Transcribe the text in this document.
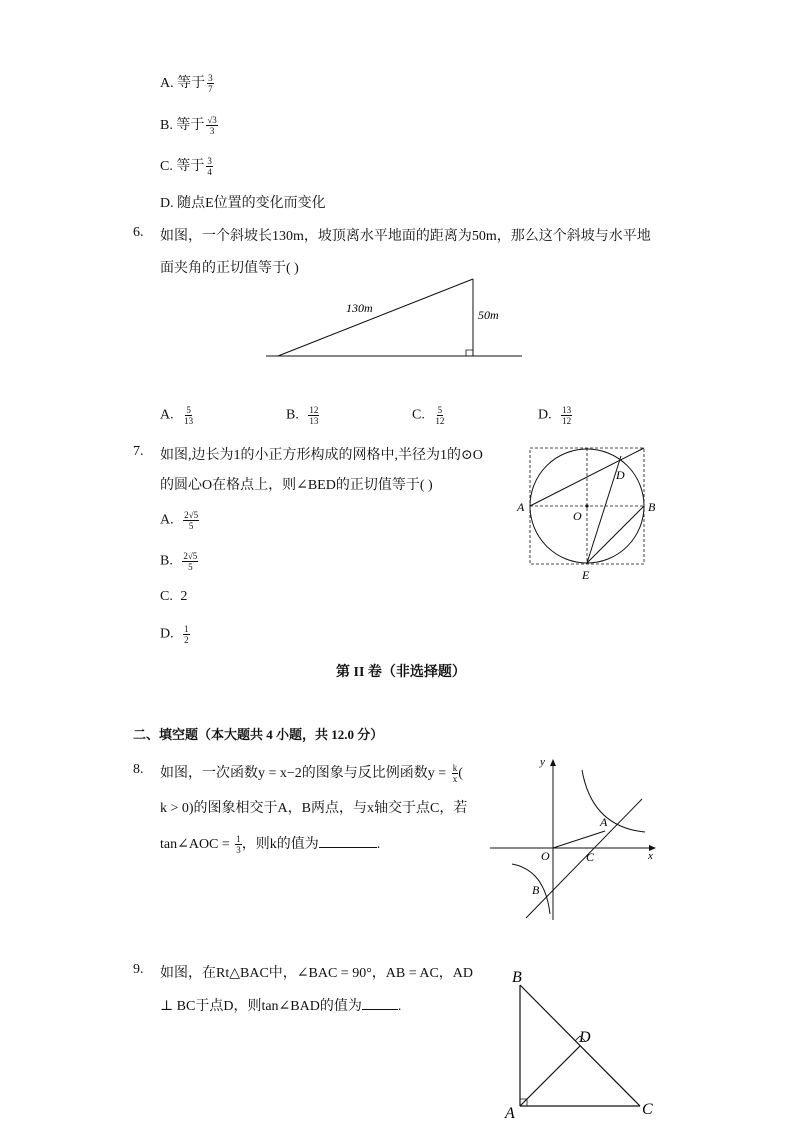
A. 等于 $\frac{3}{7}$
B. 等于 $\frac{√3}{3}$
C. 等于 $\frac{3}{4}$
D. 随点E位置的变化而变化
6. 如图，一个斜坡长130m，坡顶离水平地面的距离为50m，那么这个斜坡与水平地
面夹角的正切值等于( )
130m	50m
A. $\frac{5}{13}$	B. $\frac{12}{13}$	C. $\frac{5}{12}$	D. $\frac{13}{12}$
7. 如图,边长为1的小正方形构成的网格中,半径为1的⊙O
的圆心O在格点上，则∠BED的正切值等于( )
A. $\frac{2√5}{5}$
B. $\frac{2√5}{5}$
C. 2
D. $\frac{1}{2}$
A	B
O
D
E
第 II 卷（非选择题）
二、填空题（本大题共 4 小题，共 12.0 分）
8. 如图，一次函数y = x−2的图象与反比例函数$y = \frac{k}{x}$ (
k > 0)的图象相交于A，B两点，与x轴交于点C，若
tan∠AOC = $\frac{1}{3}$ ，则k的值为	.
y
x
O
A
B
C
9. 如图，在Rt△BAC中，∠BAC = 90°，AB = AC，AD
⊥ BC于点D，则tan∠BAD的值为	.
B
A	C
D
